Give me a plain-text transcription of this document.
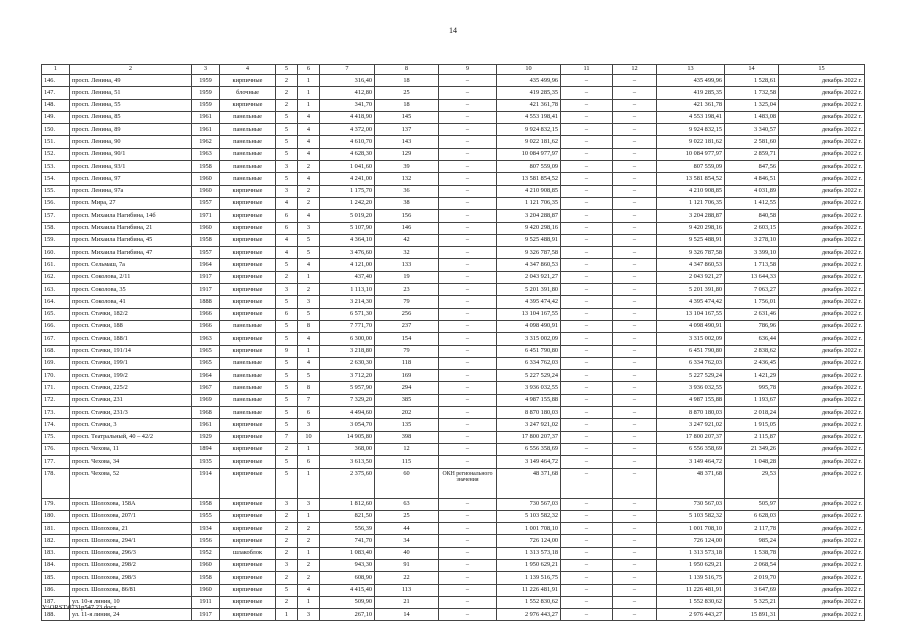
14
1	2	3	4	5	6	7	8	9	10	11	12	13	14	15
146.	просп. Ленина, 49	1959	кирпичные	2	1	316,40	18	–	435 499,96	–	–	435 499,96	1 528,61	декабрь 2022 г.
147.	просп. Ленина, 51	1959	блочные	2	1	412,80	25	–	419 285,35	–	–	419 285,35	1 732,58	декабрь 2022 г.
148.	просп. Ленина, 55	1959	кирпичные	2	1	341,70	18	–	421 361,78	–	–	421 361,78	1 325,04	декабрь 2022 г.
149.	просп. Ленина, 85	1961	панельные	5	4	4 418,90	145	–	4 553 198,41	–	–	4 553 198,41	1 483,08	декабрь 2022 г.
150.	просп. Ленина, 89	1961	панельные	5	4	4 372,00	137	–	9 924 832,15	–	–	9 924 832,15	3 340,57	декабрь 2022 г.
151.	просп. Ленина, 90	1962	панельные	5	4	4 610,70	143	–	9 022 181,62	–	–	9 022 181,62	2 581,60	декабрь 2022 г.
152.	просп. Ленина, 90/1	1963	панельные	5	4	4 628,30	129	–	10 084 977,97	–	–	10 084 977,97	2 859,71	декабрь 2022 г.
153.	просп. Ленина, 93/1	1958	панельные	3	2	1 041,60	39	–	807 559,09	–	–	807 559,09	847,56	декабрь 2022 г.
154.	просп. Ленина, 97	1960	панельные	5	4	4 241,00	132	–	13 581 854,52	–	–	13 581 854,52	4 846,51	декабрь 2022 г.
155.	просп. Ленина, 97а	1960	кирпичные	3	2	1 175,70	36	–	4 210 908,85	–	–	4 210 908,85	4 031,89	декабрь 2022 г.
156.	просп. Мира, 27	1957	кирпичные	4	2	1 242,20	38	–	1 121 706,35	–	–	1 121 706,35	1 412,55	декабрь 2022 г.
157.	просп. Михаила Нагибина, 14б	1971	кирпичные	6	4	5 019,20	156	–	3 204 288,87	–	–	3 204 288,87	840,58	декабрь 2022 г.
158.	просп. Михаила Нагибина, 21	1960	кирпичные	6	3	5 107,90	146	–	9 420 298,16	–	–	9 420 298,16	2 603,15	декабрь 2022 г.
159.	просп. Михаила Нагибина, 45	1958	кирпичные	4	5	4 364,10	42	–	9 525 488,91	–	–	9 525 488,91	3 278,10	декабрь 2022 г.
160.	просп. Михаила Нагибина, 47	1957	кирпичные	4	5	3 476,60	32	–	9 326 787,58	–	–	9 326 787,58	3 399,10	декабрь 2022 г.
161.	просп. Сельмаш, 7а	1964	кирпичные	5	4	4 121,00	133	–	4 347 860,53	–	–	4 347 860,53	1 713,58	декабрь 2022 г.
162.	просп. Соколова, 2/11	1917	кирпичные	2	1	437,40	19	–	2 043 921,27	–	–	2 043 921,27	13 644,33	декабрь 2022 г.
163.	просп. Соколова, 35	1917	кирпичные	3	2	1 113,10	23	–	5 201 391,80	–	–	5 201 391,80	7 063,27	декабрь 2022 г.
164.	просп. Соколова, 41	1888	кирпичные	5	3	3 214,30	79	–	4 395 474,42	–	–	4 395 474,42	1 756,01	декабрь 2022 г.
165.	просп. Стачки, 182/2	1966	кирпичные	6	5	6 571,30	256	–	13 104 167,55	–	–	13 104 167,55	2 631,46	декабрь 2022 г.
166.	просп. Стачки, 188	1966	панельные	5	8	7 771,70	237	–	4 098 490,91	–	–	4 098 490,91	786,96	декабрь 2022 г.
167.	просп. Стачки, 188/1	1963	кирпичные	5	4	6 300,00	154	–	3 315 002,09	–	–	3 315 002,09	636,44	декабрь 2022 г.
168.	просп. Стачки, 191/14	1965	кирпичные	9	1	3 218,80	79	–	6 451 790,80	–	–	6 451 790,80	2 838,62	декабрь 2022 г.
169.	просп. Стачки, 199/1	1965	панельные	5	4	2 630,30	118	–	6 334 762,03	–	–	6 334 762,03	2 436,45	декабрь 2022 г.
170.	просп. Стачки, 199/2	1964	панельные	5	5	3 712,20	169	–	5 227 529,24	–	–	5 227 529,24	1 421,29	декабрь 2022 г.
171.	просп. Стачки, 225/2	1967	панельные	5	8	5 957,90	294	–	3 936 032,55	–	–	3 936 032,55	995,78	декабрь 2022 г.
172.	просп. Стачки, 231	1969	панельные	5	7	7 329,20	385	–	4 987 155,88	–	–	4 987 155,88	1 193,67	декабрь 2022 г.
173.	просп. Стачки, 231/3	1968	панельные	5	6	4 494,60	202	–	8 870 180,03	–	–	8 870 180,03	2 018,24	декабрь 2022 г.
174.	просп. Стачки, 3	1961	кирпичные	5	3	3 054,70	135	–	3 247 921,02	–	–	3 247 921,02	1 915,05	декабрь 2022 г.
175.	просп. Театральный, 40 – 42/2	1929	кирпичные	7	10	14 905,80	398	–	17 800 207,37	–	–	17 800 207,37	2 115,87	декабрь 2022 г.
176.	просп. Чехова, 11	1894	кирпичные	2	1	368,00	12	–	6 556 358,69	–	–	6 556 358,69	21 349,26	декабрь 2022 г.
177.	просп. Чехова, 34	1935	кирпичные	5	6	3 613,50	115	–	3 149 464,72	–	–	3 149 464,72	1 048,28	декабрь 2022 г.
178.	просп. Чехова, 52	1914	кирпичные	5	1	2 375,60	60	ОКН регионального значения	48 371,68	–	–	48 371,68	29,53	декабрь 2022 г.
179.	просп. Шолохова, 158А	1958	кирпичные	3	3	1 812,60	63	–	730 567,03	–	–	730 567,03	505,97	декабрь 2022 г.
180.	просп. Шолохова, 207/1	1955	кирпичные	2	1	821,50	25	–	5 103 582,32	–	–	5 103 582,32	6 628,03	декабрь 2022 г.
181.	просп. Шолохова, 21	1934	кирпичные	2	2	556,39	44	–	1 001 708,10	–	–	1 001 708,10	2 117,78	декабрь 2022 г.
182.	просп. Шолохова, 294/1	1956	кирпичные	2	2	741,70	34	–	726 124,00	–	–	726 124,00	985,24	декабрь 2022 г.
183.	просп. Шолохова, 296/3	1952	шлакоблок	2	1	1 083,40	40	–	1 313 573,18	–	–	1 313 573,18	1 538,78	декабрь 2022 г.
184.	просп. Шолохова, 298/2	1960	кирпичные	3	2	943,30	91	–	1 950 629,21	–	–	1 950 629,21	2 068,54	декабрь 2022 г.
185.	просп. Шолохова, 298/3	1958	кирпичные	2	2	608,90	22	–	1 139 516,75	–	–	1 139 516,75	2 019,70	декабрь 2022 г.
186.	просп. Шолохова, 86/81	1960	кирпичные	5	4	4 415,40	113	–	11 226 481,91	–	–	11 226 481,91	3 647,69	декабрь 2022 г.
187.	ул. 10-я линия, 10	1911	кирпичные	2	1	509,90	21	–	1 552 830,62	–	–	1 552 830,62	5 325,21	декабрь 2022 г.
188.	ул. 11-я линия, 24	1917	кирпичные	1	3	267,10	14	–	2 976 443,27	–	–	2 976 443,27	15 891,31	декабрь 2022 г.
Y:\ORST\0731p547.23.docx
